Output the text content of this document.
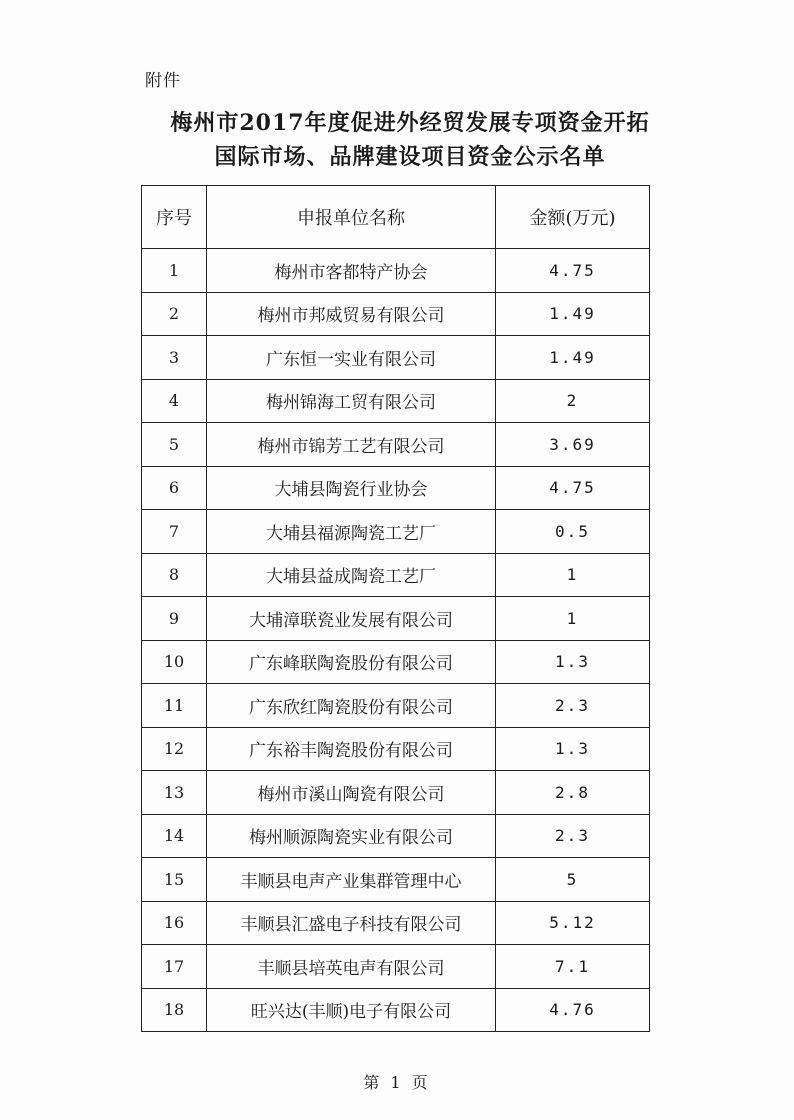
附件
梅州市2017年度促进外经贸发展专项资金开拓
国际市场、品牌建设项目资金公示名单
序号	申报单位名称	金额(万元)
1	梅州市客都特产协会	4.75
2	梅州市邦威贸易有限公司	1.49
3	广东恒一实业有限公司	1.49
4	梅州锦海工贸有限公司	2
5	梅州市锦芳工艺有限公司	3.69
6	大埔县陶瓷行业协会	4.75
7	大埔县福源陶瓷工艺厂	0.5
8	大埔县益成陶瓷工艺厂	1
9	大埔漳联瓷业发展有限公司	1
10	广东峰联陶瓷股份有限公司	1.3
11	广东欣红陶瓷股份有限公司	2.3
12	广东裕丰陶瓷股份有限公司	1.3
13	梅州市溪山陶瓷有限公司	2.8
14	梅州顺源陶瓷实业有限公司	2.3
15	丰顺县电声产业集群管理中心	5
16	丰顺县汇盛电子科技有限公司	5.12
17	丰顺县培英电声有限公司	7.1
18	旺兴达(丰顺)电子有限公司	4.76
第 1 页
